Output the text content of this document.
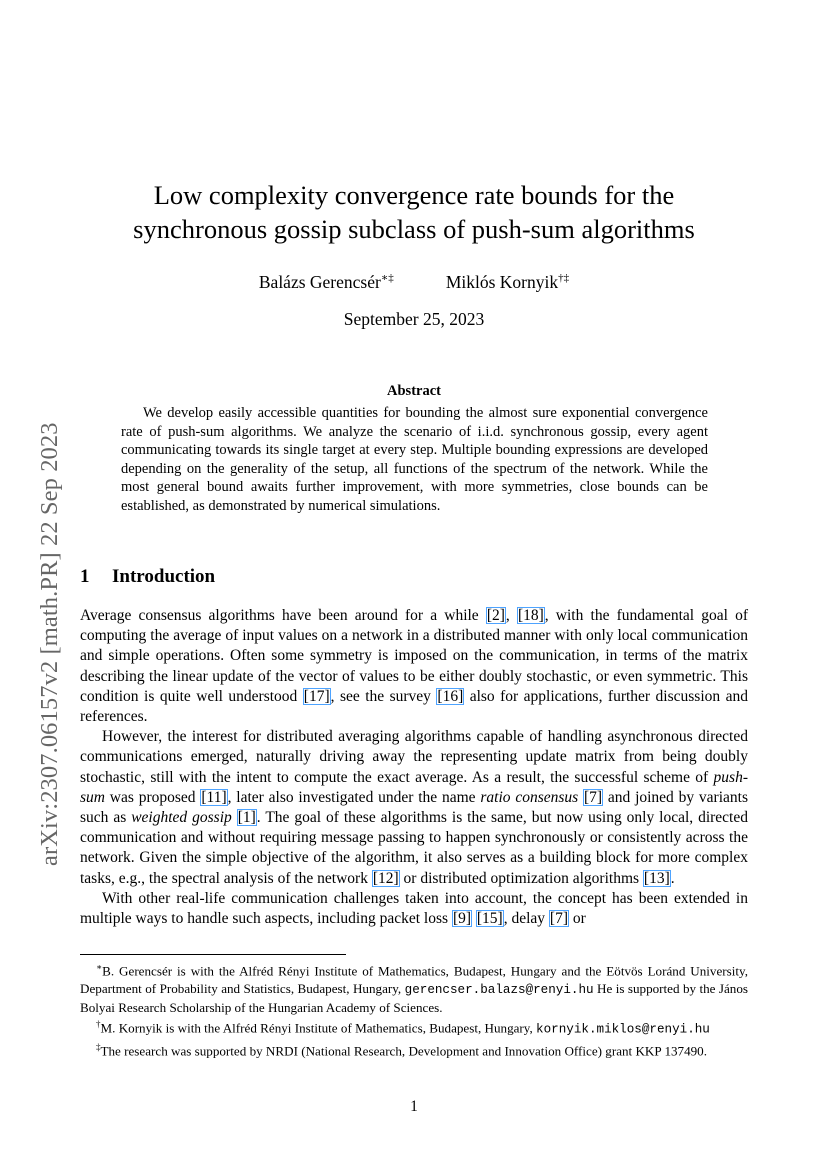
arXiv:2307.06157v2 [math.PR] 22 Sep 2023
Low complexity convergence rate bounds for the
synchronous gossip subclass of push-sum algorithms
Balázs Gerencsér∗‡	Miklós Kornyik†‡
September 25, 2023
Abstract

We develop easily accessible quantities for bounding the almost sure exponential convergence rate of push-sum algorithms. We analyze the scenario of i.i.d. synchronous gossip, every agent communicating towards its single target at every step. Multiple bounding expressions are developed depending on the generality of the setup, all functions of the spectrum of the network. While the most general bound awaits further improvement, with more symmetries, close bounds can be established, as demonstrated by numerical simulations.

1 Introduction

Average consensus algorithms have been around for a while [2], [18], with the fundamental goal of computing the average of input values on a network in a distributed manner with only local communication and simple operations. Often some symmetry is imposed on the communication, in terms of the matrix describing the linear update of the vector of values to be either doubly stochastic, or even symmetric. This condition is quite well understood [17], see the survey [16] also for applications, further discussion and references.

However, the interest for distributed averaging algorithms capable of handling asynchronous directed communications emerged, naturally driving away the representing update matrix from being doubly stochastic, still with the intent to compute the exact average. As a result, the successful scheme of push-sum was proposed [11], later also investigated under the name ratio consensus [7] and joined by variants such as weighted gossip [1]. The goal of these algorithms is the same, but now using only local, directed communication and without requiring message passing to happen synchronously or consistently across the network. Given the simple objective of the algorithm, it also serves as a building block for more complex tasks, e.g., the spectral analysis of the network [12] or distributed optimization algorithms [13].

With other real-life communication challenges taken into account, the concept has been extended in multiple ways to handle such aspects, including packet loss [9] [15], delay [7] or

∗B. Gerencsér is with the Alfréd Rényi Institute of Mathematics, Budapest, Hungary and the Eötvös Loránd University, Department of Probability and Statistics, Budapest, Hungary, gerencser.balazs@renyi.hu He is supported by the János Bolyai Research Scholarship of the Hungarian Academy of Sciences.

†M. Kornyik is with the Alfréd Rényi Institute of Mathematics, Budapest, Hungary, kornyik.miklos@renyi.hu

‡The research was supported by NRDI (National Research, Development and Innovation Office) grant KKP 137490.

1
